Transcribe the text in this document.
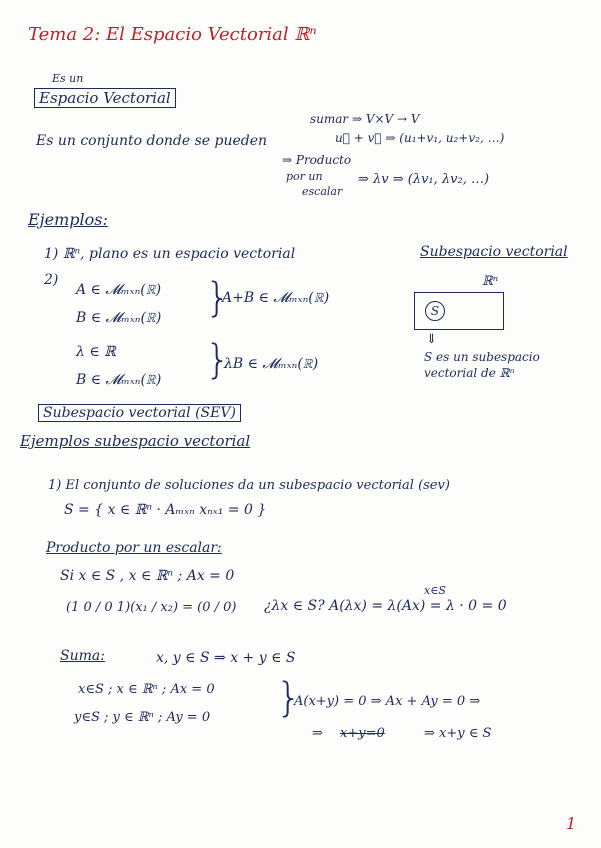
Tema 2: El Espacio Vectorial ℝⁿ
Es un
Espacio Vectorial
sumar ⇒ V×V → V
u⃗ + v⃗ ⇒ (u₁+v₁, u₂+v₂, …)
Es un conjunto donde se pueden
⇒ Producto
por un
escalar
⇒ λv ⇒ (λv₁, λv₂, …)
Ejemplos:
1) ℝⁿ, plano es un espacio vectorial
2)
A ∈ 𝓜ₘₓₙ(ℝ)
B ∈ 𝓜ₘₓₙ(ℝ) }
A+B ∈ 𝓜ₘₓₙ(ℝ)
λ ∈ ℝ
B ∈ 𝓜ₘₓₙ(ℝ) }
λB ∈ 𝓜ₘₓₙ(ℝ)
Subespacio vectorial
ℝⁿ
S
⇓
S es un subespacio
vectorial de ℝⁿ
Subespacio vectorial (SEV)
Ejemplos subespacio vectorial
1) El conjunto de soluciones da un subespacio vectorial (sev)
S = { x ∈ ℝⁿ · Aₘₓₙ xₙₓ₁ = 0 }
Producto por un escalar:
Si x ∈ S , x ∈ ℝⁿ ; Ax = 0
x∈S
(1 0 / 0 1)(x₁ / x₂) = (0 / 0) ¿λx ∈ S? A(λx) = λ(Ax) = λ · 0 = 0
Suma:	x, y ∈ S ⇒ x + y ∈ S
x∈S ; x ∈ ℝⁿ ; Ax = 0
y∈S ; y ∈ ℝⁿ ; Ay = 0 }
A(x+y) = 0 ⇒ Ax + Ay = 0 ⇒
⇒ x+y=0	⇒ x+y ∈ S
1
